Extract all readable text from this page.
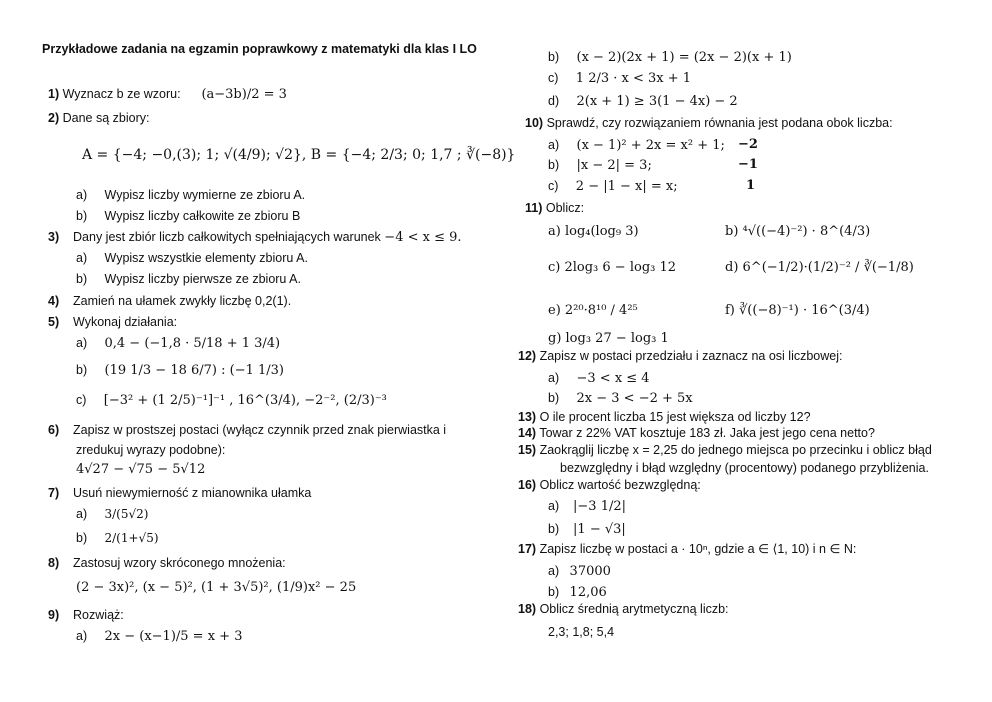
Przykładowe zadania na egzamin poprawkowy z matematyki dla klas I LO
1) Wyznacz b ze wzoru: (a−3b)/2 = 3
2) Dane są zbiory:
A = {−4; −0,(3); 1; √(4/9); √2}, B = {−4; 2/3; 0; 1,7 ; ∛(−8)}
a) Wypisz liczby wymierne ze zbioru A.
b) Wypisz liczby całkowite ze zbioru B
3) Dany jest zbiór liczb całkowitych spełniających warunek −4 < x ≤ 9.
a) Wypisz wszystkie elementy zbioru A.
b) Wypisz liczby pierwsze ze zbioru A.
4) Zamień na ułamek zwykły liczbę 0,2(1).
5) Wykonaj działania:
a) 0,4 − (−1,8 · 5/18 + 1 3/4)
b) (19 1/3 − 18 6/7) : (−1 1/3)
c) [−3² + (1 2/5)⁻¹]⁻¹ , 16^(3/4), −2⁻², (2/3)⁻³
6) Zapisz w prostszej postaci (wyłącz czynnik przed znak pierwiastka i
zredukuj wyrazy podobne):
4√27 − √75 − 5√12
7) Usuń niewymierność z mianownika ułamka
a) 3/(5√2)
b) 2/(1+√5)
8) Zastosuj wzory skróconego mnożenia:
(2 − 3x)², (x − 5)², (1 + 3√5)², (1/9)x² − 25
9) Rozwiąż:
a) 2x − (x−1)/5 = x + 3
b) (x − 2)(2x + 1) = (2x − 2)(x + 1)
c) 1 2/3 · x < 3x + 1
d) 2(x + 1) ≥ 3(1 − 4x) − 2
10) Sprawdź, czy rozwiązaniem równania jest podana obok liczba:
a) (x − 1)² + 2x = x² + 1; −2
b) |x − 2| = 3;	−1
c) 2 − |1 − x| = x;	1
11) Oblicz:
a) log₄(log₉ 3)	b) ⁴√((−4)⁻²) · 8^(4/3)
c) 2log₃ 6 − log₃ 12	d) 6^(−1/2)·(1/2)⁻² / ∛(−1/8)
e) 2²⁰·8¹⁰ / 4²⁵	f) ∛((−8)⁻¹) · 16^(3/4)
g) log₃ 27 − log₃ 1
12) Zapisz w postaci przedziału i zaznacz na osi liczbowej:
a) −3 < x ≤ 4
b) 2x − 3 < −2 + 5x
13) O ile procent liczba 15 jest większa od liczby 12?
14) Towar z 22% VAT kosztuje 183 zł. Jaka jest jego cena netto?
15) Zaokrąglij liczbę x = 2,25 do jednego miejsca po przecinku i oblicz błąd
bezwzględny i błąd względny (procentowy) podanego przybliżenia.
16) Oblicz wartość bezwzględną:
a) |−3 1/2|
b) |1 − √3|
17) Zapisz liczbę w postaci a · 10ⁿ, gdzie a ∈ ⟨1, 10) i n ∈ N:
a) 37000
b) 12,06
18) Oblicz średnią arytmetyczną liczb:
2,3; 1,8; 5,4
